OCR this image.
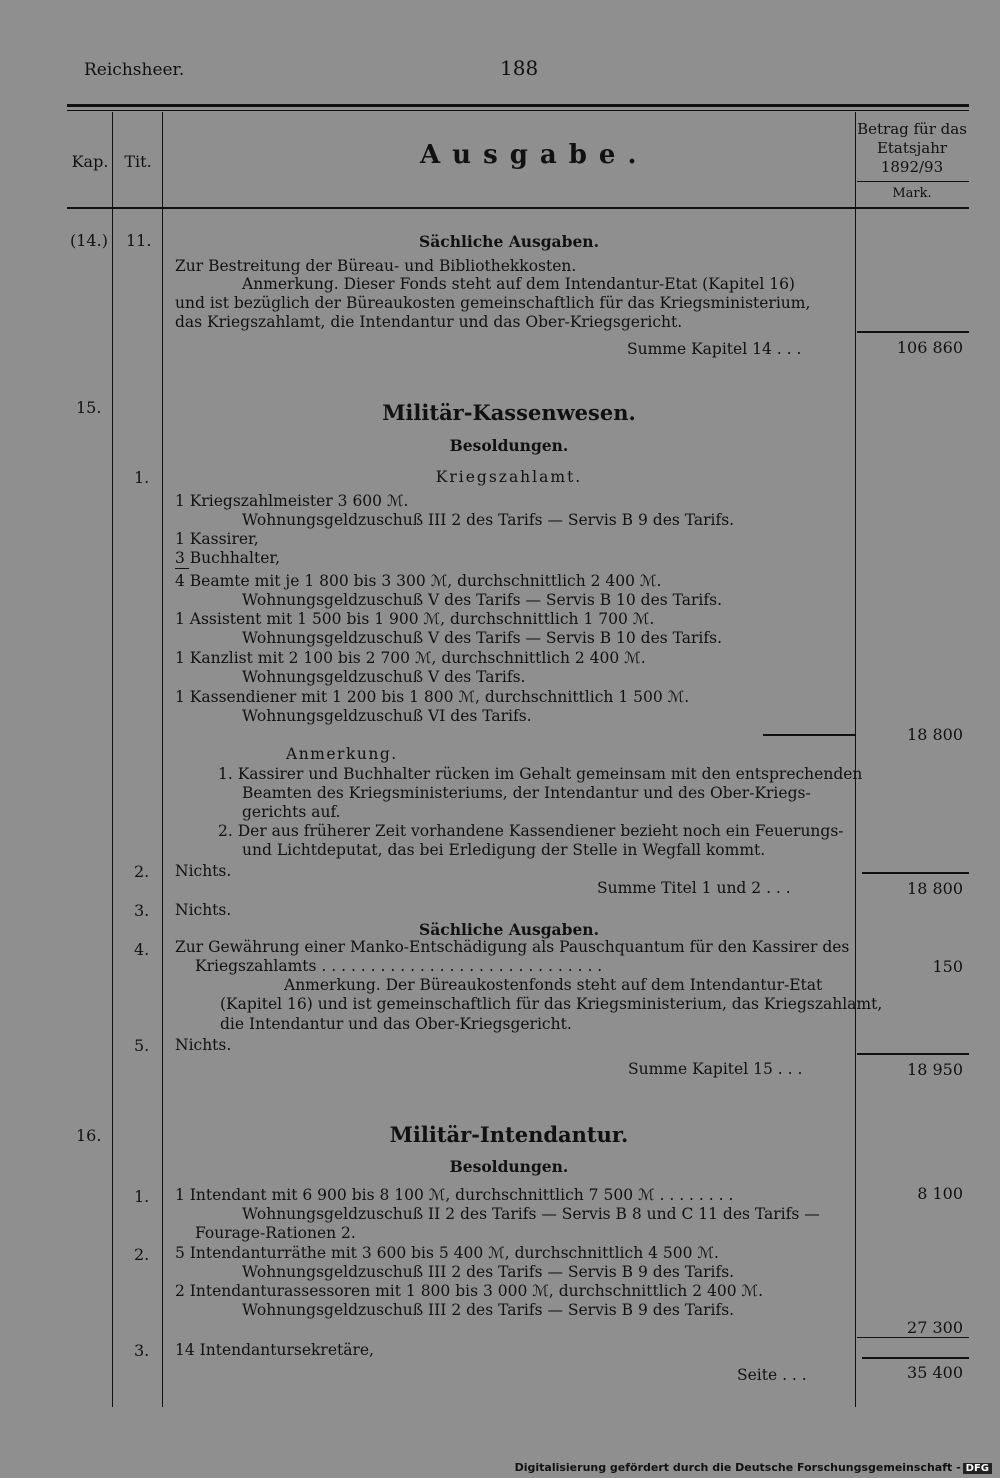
Reichsheer.	188
Kap. Tit.	Ausgabe.
Betrag für das Etatsjahr 1892/93
Mark.
(14.) 11.	Sächliche Ausgaben.
Zur Bestreitung der Büreau- und Bibliothekkosten.
Anmerkung. Dieser Fonds steht auf dem Intendantur-Etat (Kapitel 16)
und ist bezüglich der Büreaukosten gemeinschaftlich für das Kriegsministerium,
das Kriegszahlamt, die Intendantur und das Ober-Kriegsgericht.
Summe Kapitel 14 . . .	106 860
15.	Militär-Kassenwesen.
Besoldungen.
1.	Kriegszahlamt.
1 Kriegszahlmeister 3 600 ℳ.
Wohnungsgeldzuschuß III 2 des Tarifs — Servis B 9 des Tarifs.
1 Kassirer,
3 Buchhalter,
4 Beamte mit je 1 800 bis 3 300 ℳ, durchschnittlich 2 400 ℳ.
Wohnungsgeldzuschuß V des Tarifs — Servis B 10 des Tarifs.
1 Assistent mit 1 500 bis 1 900 ℳ, durchschnittlich 1 700 ℳ.
Wohnungsgeldzuschuß V des Tarifs — Servis B 10 des Tarifs.
1 Kanzlist mit 2 100 bis 2 700 ℳ, durchschnittlich 2 400 ℳ.
Wohnungsgeldzuschuß V des Tarifs.
1 Kassendiener mit 1 200 bis 1 800 ℳ, durchschnittlich 1 500 ℳ.
Wohnungsgeldzuschuß VI des Tarifs.
18 800
Anmerkung.
1. Kassirer und Buchhalter rücken im Gehalt gemeinsam mit den entsprechenden
Beamten des Kriegsministeriums, der Intendantur und des Ober-Kriegs-
gerichts auf.
2. Der aus früherer Zeit vorhandene Kassendiener bezieht noch ein Feuerungs-
und Lichtdeputat, das bei Erledigung der Stelle in Wegfall kommt.
2. Nichts.
Summe Titel 1 und 2 . . .	18 800
3. Nichts.
Sächliche Ausgaben.
4. Zur Gewährung einer Manko-Entschädigung als Pauschquantum für den Kassirer des
Kriegszahlamts . . . . . . . . . . . . . . . . . . . . . . . . . . . . .	150
Anmerkung. Der Büreaukostenfonds steht auf dem Intendantur-Etat
(Kapitel 16) und ist gemeinschaftlich für das Kriegsministerium, das Kriegszahlamt,
die Intendantur und das Ober-Kriegsgericht.
5. Nichts.
Summe Kapitel 15 . . .	18 950
16.	Militär-Intendantur.
Besoldungen.
1. 1 Intendant mit 6 900 bis 8 100 ℳ, durchschnittlich 7 500 ℳ . . . . . . . .	8 100
Wohnungsgeldzuschuß II 2 des Tarifs — Servis B 8 und C 11 des Tarifs —
Fourage-Rationen 2.
2. 5 Intendanturräthe mit 3 600 bis 5 400 ℳ, durchschnittlich 4 500 ℳ.
Wohnungsgeldzuschuß III 2 des Tarifs — Servis B 9 des Tarifs.
2 Intendanturassessoren mit 1 800 bis 3 000 ℳ, durchschnittlich 2 400 ℳ.
Wohnungsgeldzuschuß III 2 des Tarifs — Servis B 9 des Tarifs.
27 300
3. 14 Intendantursekretäre,
Seite . . .	35 400
Digitalisierung gefördert durch die Deutsche Forschungsgemeinschaft - DFG
